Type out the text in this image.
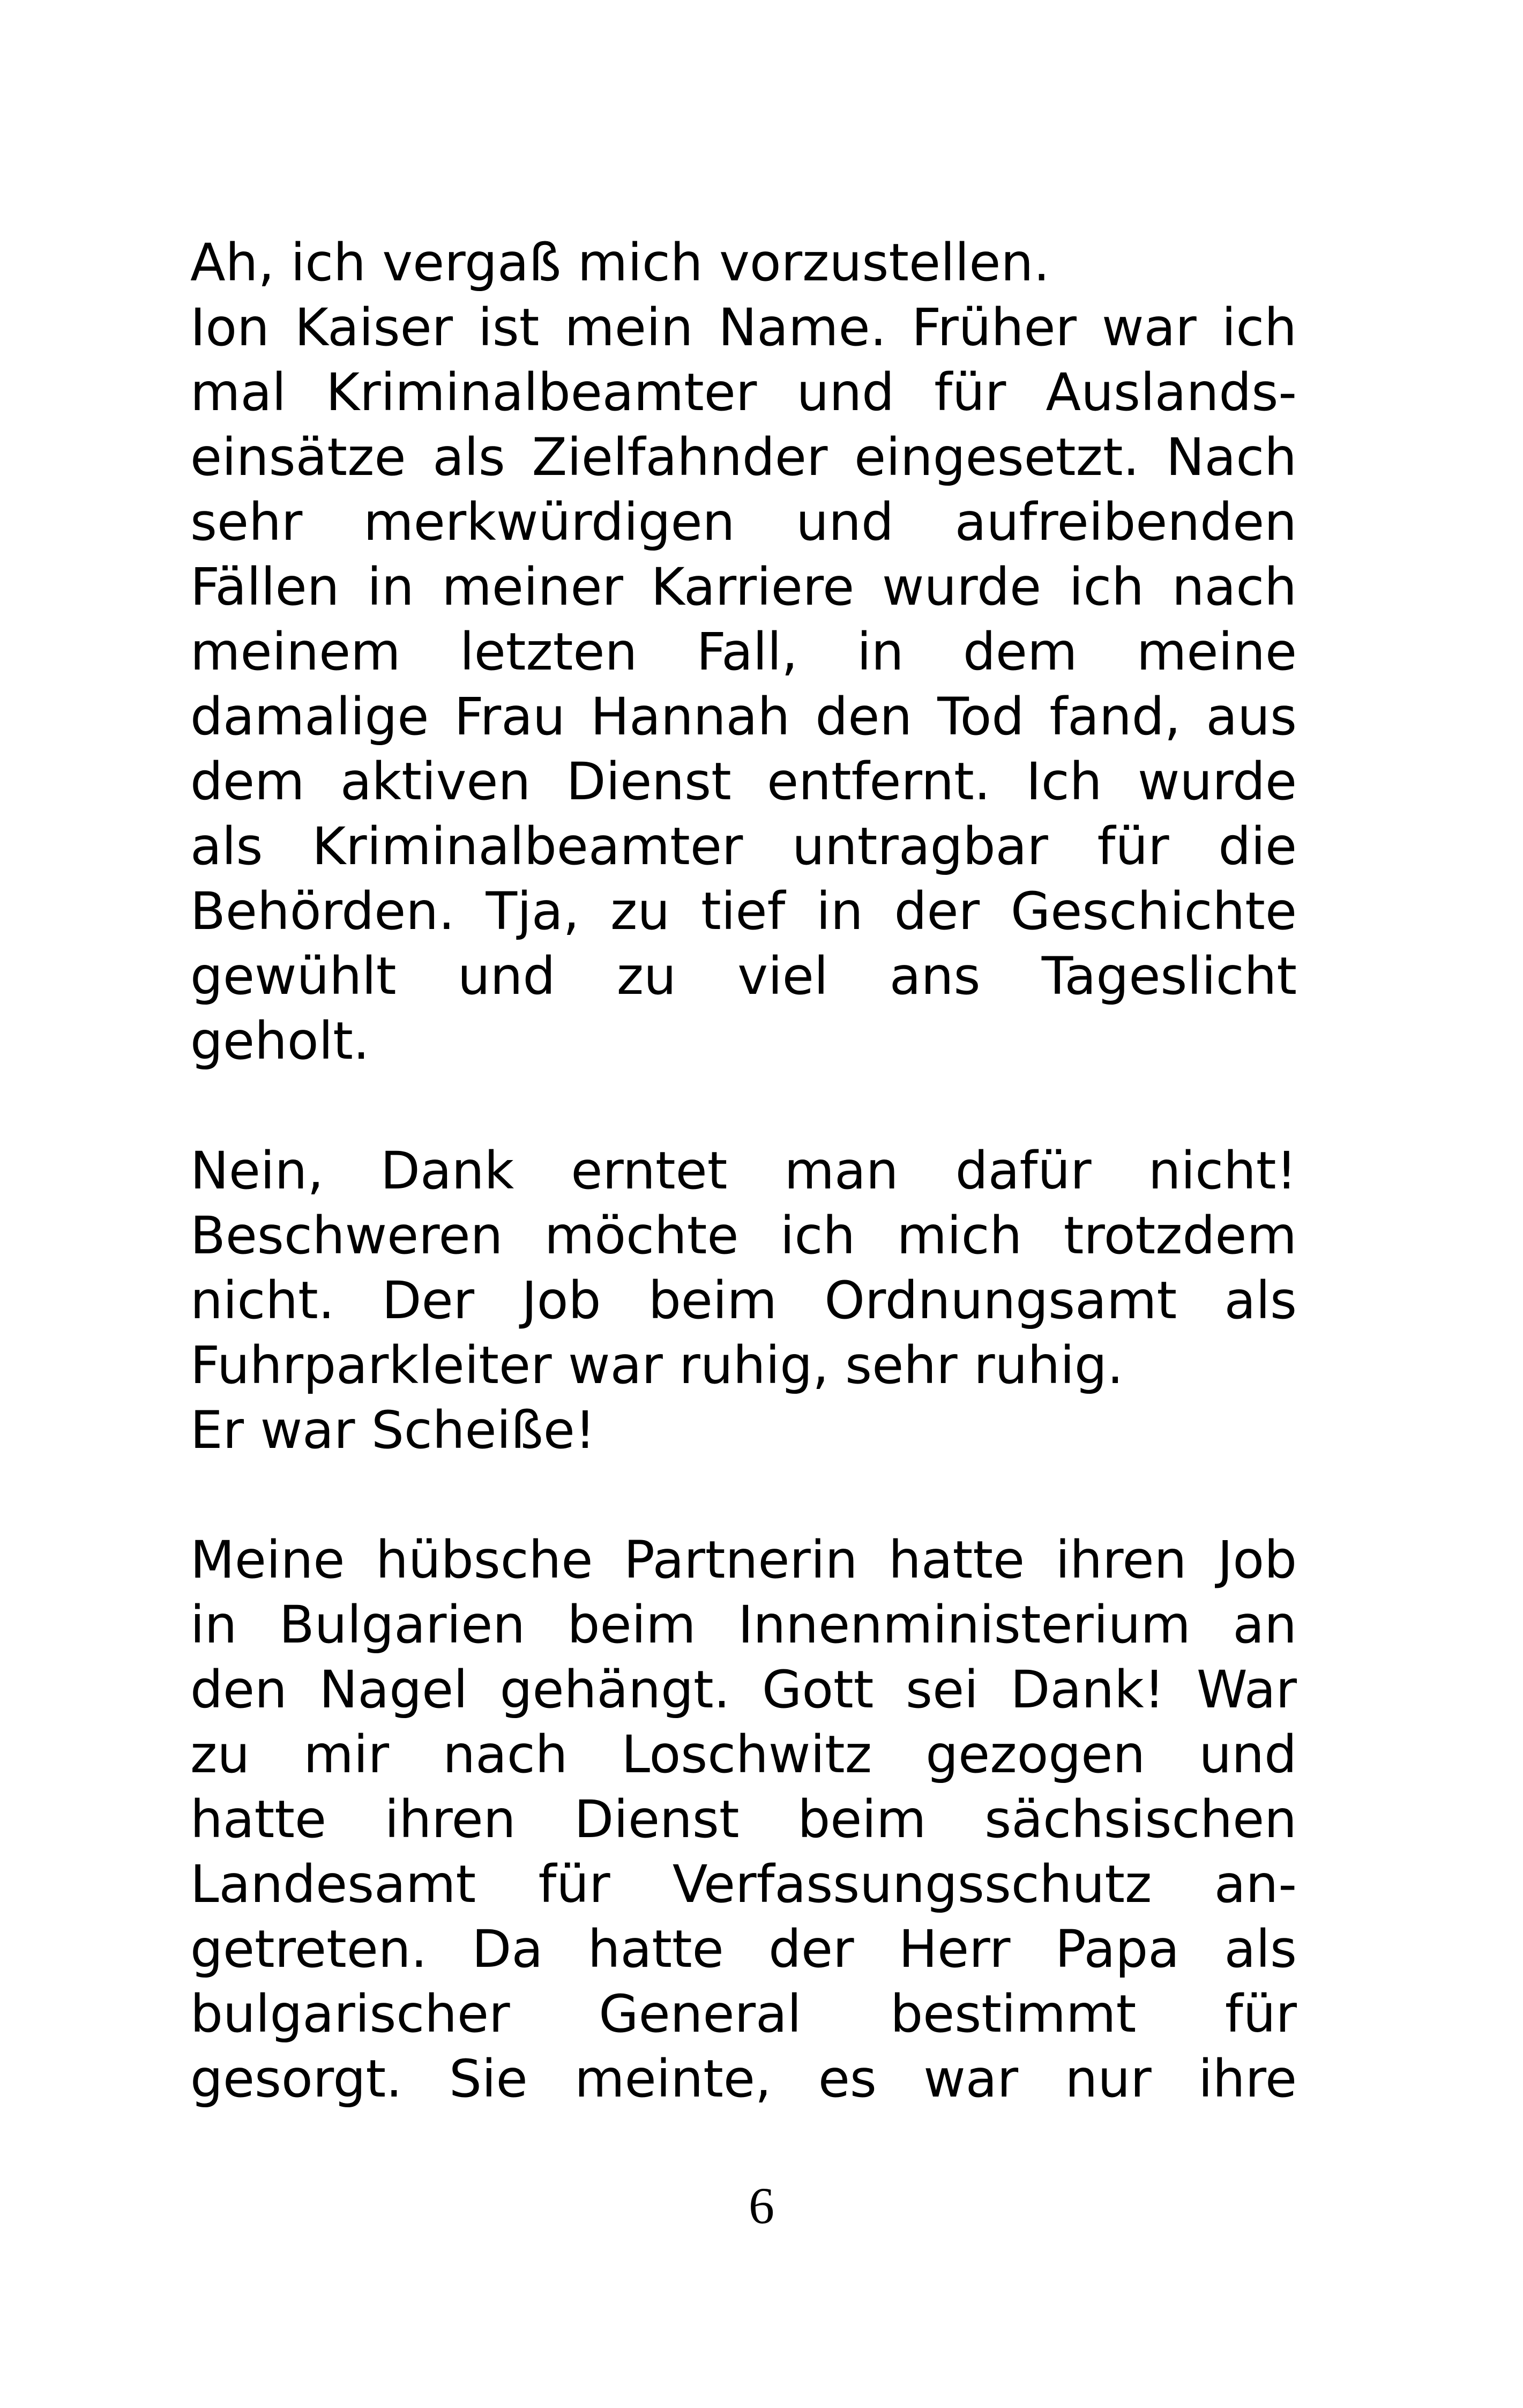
Ah, ich vergaß mich vorzustellen.
Ion Kaiser ist mein Name. Früher war ich
mal Kriminalbeamter und für Auslands-
einsätze als Zielfahnder eingesetzt. Nach
sehr merkwürdigen und aufreibenden
Fällen in meiner Karriere wurde ich nach
meinem letzten Fall, in dem meine
damalige Frau Hannah den Tod fand, aus
dem aktiven Dienst entfernt. Ich wurde
als Kriminalbeamter untragbar für die
Behörden. Tja, zu tief in der Geschichte
gewühlt und zu viel ans Tageslicht
geholt.

Nein, Dank erntet man dafür nicht!
Beschweren möchte ich mich trotzdem
nicht. Der Job beim Ordnungsamt als
Fuhrparkleiter war ruhig, sehr ruhig.
Er war Scheiße!

Meine hübsche Partnerin hatte ihren Job
in Bulgarien beim Innenministerium an
den Nagel gehängt. Gott sei Dank! War
zu mir nach Loschwitz gezogen und
hatte ihren Dienst beim sächsischen
Landesamt für Verfassungsschutz an-
getreten. Da hatte der Herr Papa als
bulgarischer General bestimmt für
gesorgt. Sie meinte, es war nur ihre

6
